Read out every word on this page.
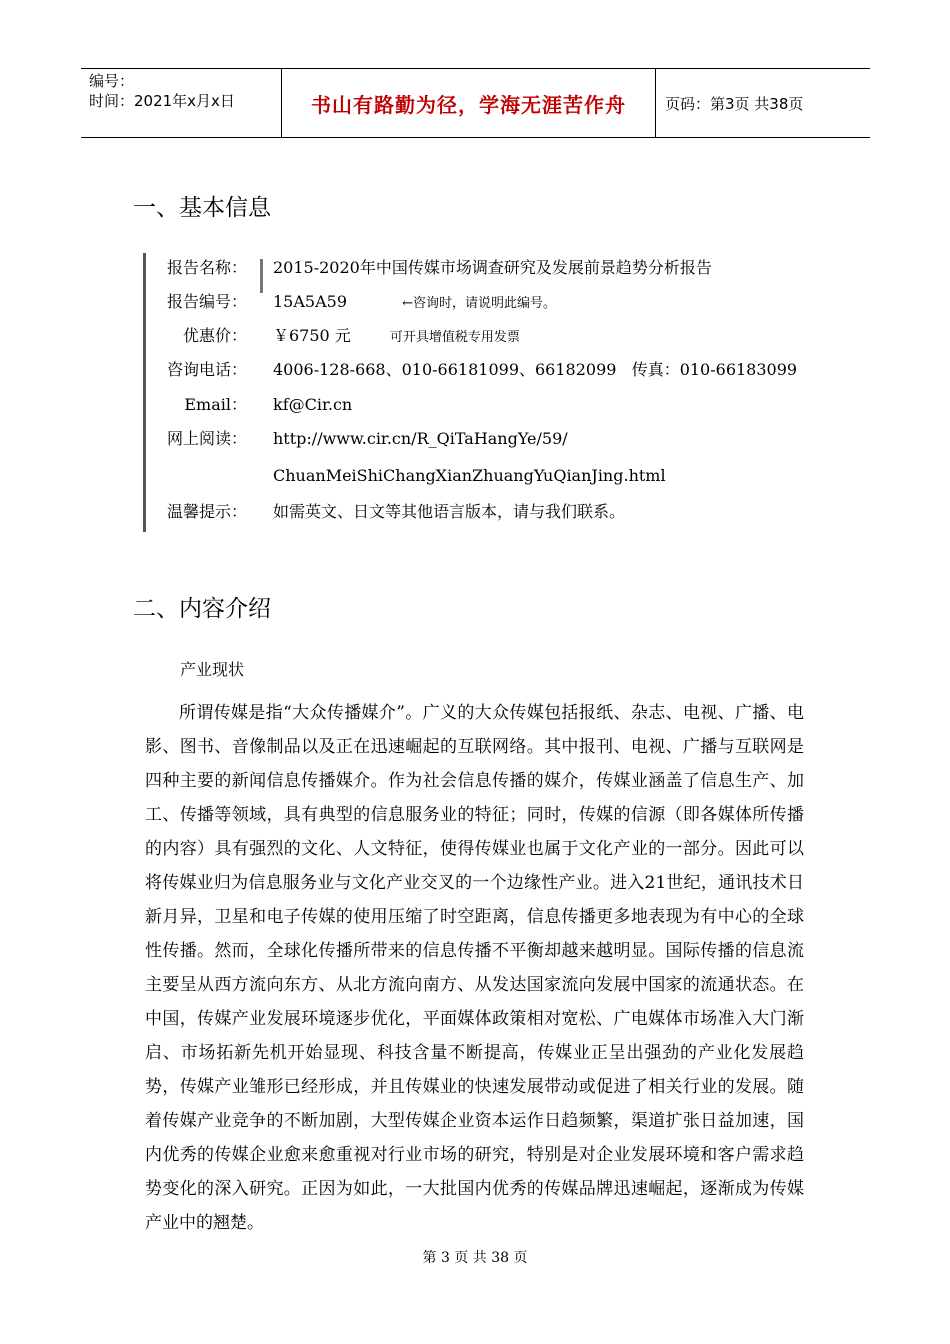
编号：
时间：2021年x月x日	书山有路勤为径，学海无涯苦作舟	页码：第3页 共38页
一、基本信息
报告名称： 2015-2020年中国传媒市场调查研究及发展前景趋势分析报告
报告编号： 15A5A59	←咨询时，请说明此编号。
优惠价： ￥6750 元	可开具增值税专用发票
咨询电话： 4006-128-668、010-66181099、66182099   传真：010-66183099
Email： kf@Cir.cn
网上阅读： http://www.cir.cn/R_QiTaHangYe/59/
ChuanMeiShiChangXianZhuangYuQianJing.html
温馨提示： 如需英文、日文等其他语言版本，请与我们联系。
二、内容介绍
产业现状

所谓传媒是指“大众传播媒介”。广义的大众传媒包括报纸、杂志、电视、广播、电影、图书、音像制品以及正在迅速崛起的互联网络。其中报刊、电视、广播与互联网是四种主要的新闻信息传播媒介。作为社会信息传播的媒介，传媒业涵盖了信息生产、加工、传播等领域，具有典型的信息服务业的特征；同时，传媒的信源（即各媒体所传播的内容）具有强烈的文化、人文特征，使得传媒业也属于文化产业的一部分。因此可以将传媒业归为信息服务业与文化产业交叉的一个边缘性产业。进入21世纪，通讯技术日新月异，卫星和电子传媒的使用压缩了时空距离，信息传播更多地表现为有中心的全球性传播。然而，全球化传播所带来的信息传播不平衡却越来越明显。国际传播的信息流主要呈从西方流向东方、从北方流向南方、从发达国家流向发展中国家的流通状态。在中国，传媒产业发展环境逐步优化，平面媒体政策相对宽松、广电媒体市场准入大门渐启、市场拓新先机开始显现、科技含量不断提高，传媒业正呈出强劲的产业化发展趋势，传媒产业雏形已经形成，并且传媒业的快速发展带动或促进了相关行业的发展。随着传媒产业竞争的不断加剧，大型传媒企业资本运作日趋频繁，渠道扩张日益加速，国内优秀的传媒企业愈来愈重视对行业市场的研究，特别是对企业发展环境和客户需求趋势变化的深入研究。正因为如此，一大批国内优秀的传媒品牌迅速崛起，逐渐成为传媒产业中的翘楚。

第 3 页 共 38 页
